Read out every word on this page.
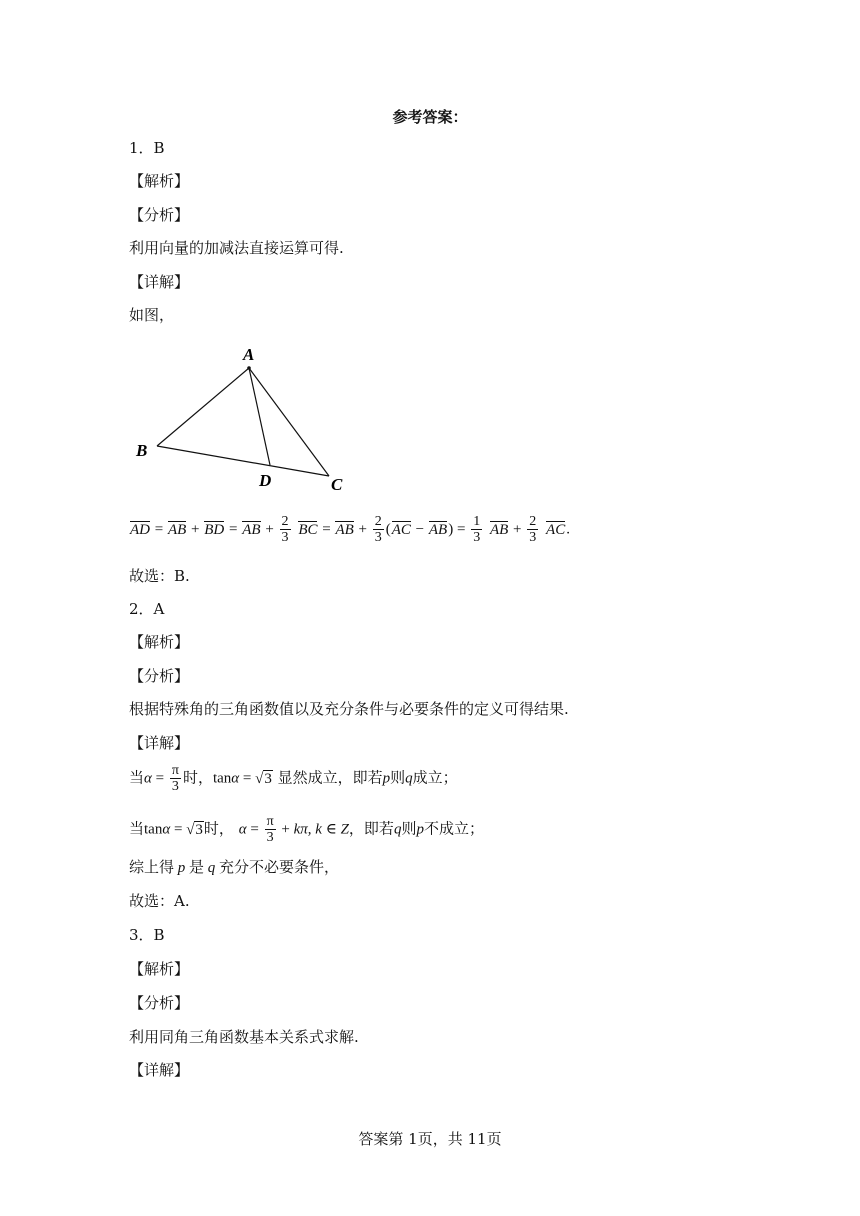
参考答案：
1．B
【解析】
【分析】
利用向量的加减法直接运算可得.
【详解】
如图，
A
B
C
D
AD = AB + BD = AB + $\frac{2}{3}$ BC = AB + $\frac{2}{3} (AC - AB) = \frac{1}{3}$ AB + $\frac{2}{3}$ AC.
故选：B.
2．A
【解析】
【分析】
根据特殊角的三角函数值以及充分条件与必要条件的定义可得结果.
【详解】
当$\alpha = \frac{\pi}{3}$ 时，tanα = √3 显然成立，即若p则q成立；
当tanα = √3时， $\alpha = \frac{\pi}{3} + k\pi$, k ∈ Z，即若q则p不成立；
综上得 p 是 q 充分不必要条件，
故选：A.
3．B
【解析】
【分析】
利用同角三角函数基本关系式求解.
【详解】
答案第 1页，共 11页
